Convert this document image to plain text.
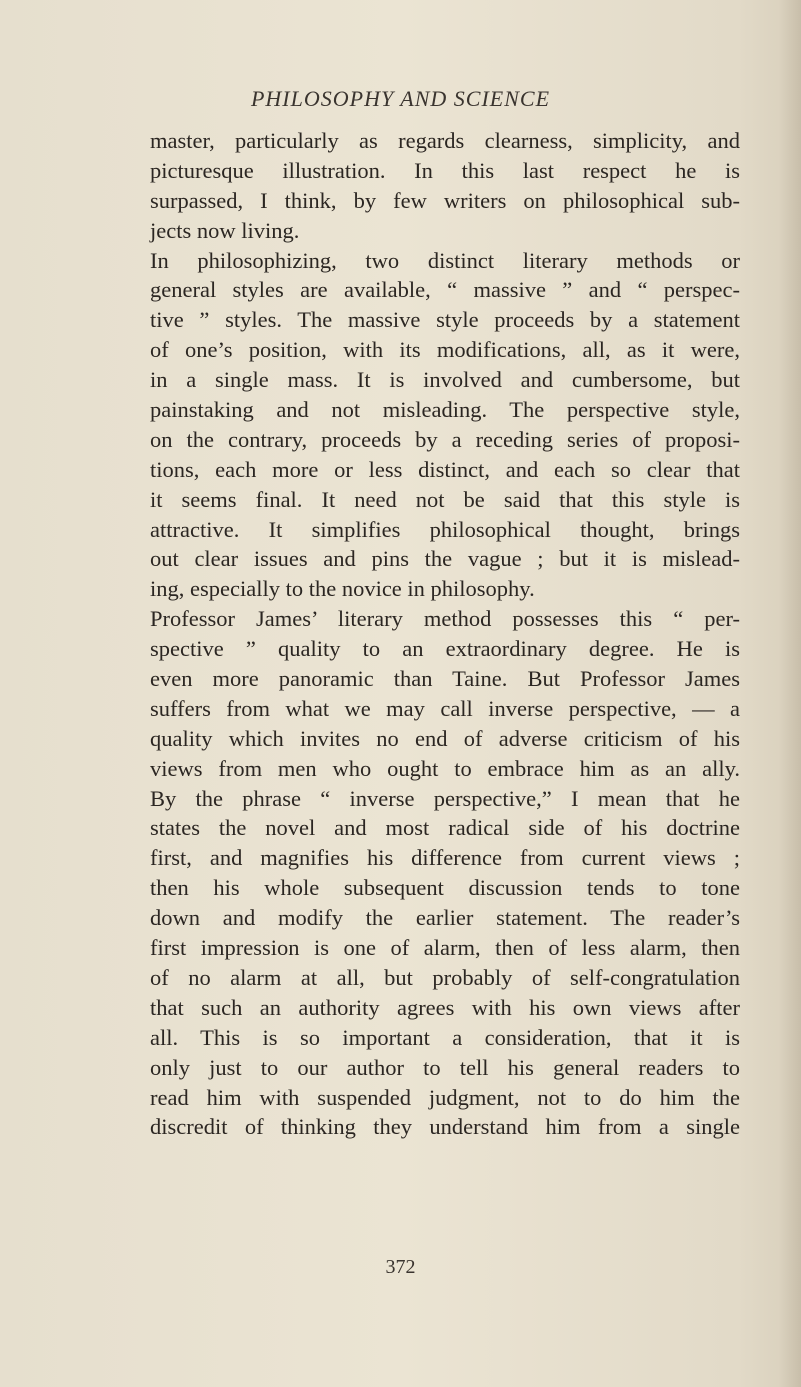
PHILOSOPHY AND SCIENCE
master, particularly as regards clearness, simplicity, and
picturesque illustration. In this last respect he is
surpassed, I think, by few writers on philosophical sub-
jects now living.
In philosophizing, two distinct literary methods or
general styles are available, “ massive ” and “ perspec-
tive ” styles. The massive style proceeds by a statement
of one’s position, with its modifications, all, as it were,
in a single mass. It is involved and cumbersome, but
painstaking and not misleading. The perspective style,
on the contrary, proceeds by a receding series of proposi-
tions, each more or less distinct, and each so clear that
it seems final. It need not be said that this style is
attractive. It simplifies philosophical thought, brings
out clear issues and pins the vague ; but it is mislead-
ing, especially to the novice in philosophy.
Professor James’ literary method possesses this “ per-
spective ” quality to an extraordinary degree. He is
even more panoramic than Taine. But Professor James
suffers from what we may call inverse perspective, — a
quality which invites no end of adverse criticism of his
views from men who ought to embrace him as an ally.
By the phrase “ inverse perspective,” I mean that he
states the novel and most radical side of his doctrine
first, and magnifies his difference from current views ;
then his whole subsequent discussion tends to tone
down and modify the earlier statement. The reader’s
first impression is one of alarm, then of less alarm, then
of no alarm at all, but probably of self-congratulation
that such an authority agrees with his own views after
all. This is so important a consideration, that it is
only just to our author to tell his general readers to
read him with suspended judgment, not to do him the
discredit of thinking they understand him from a single
372
